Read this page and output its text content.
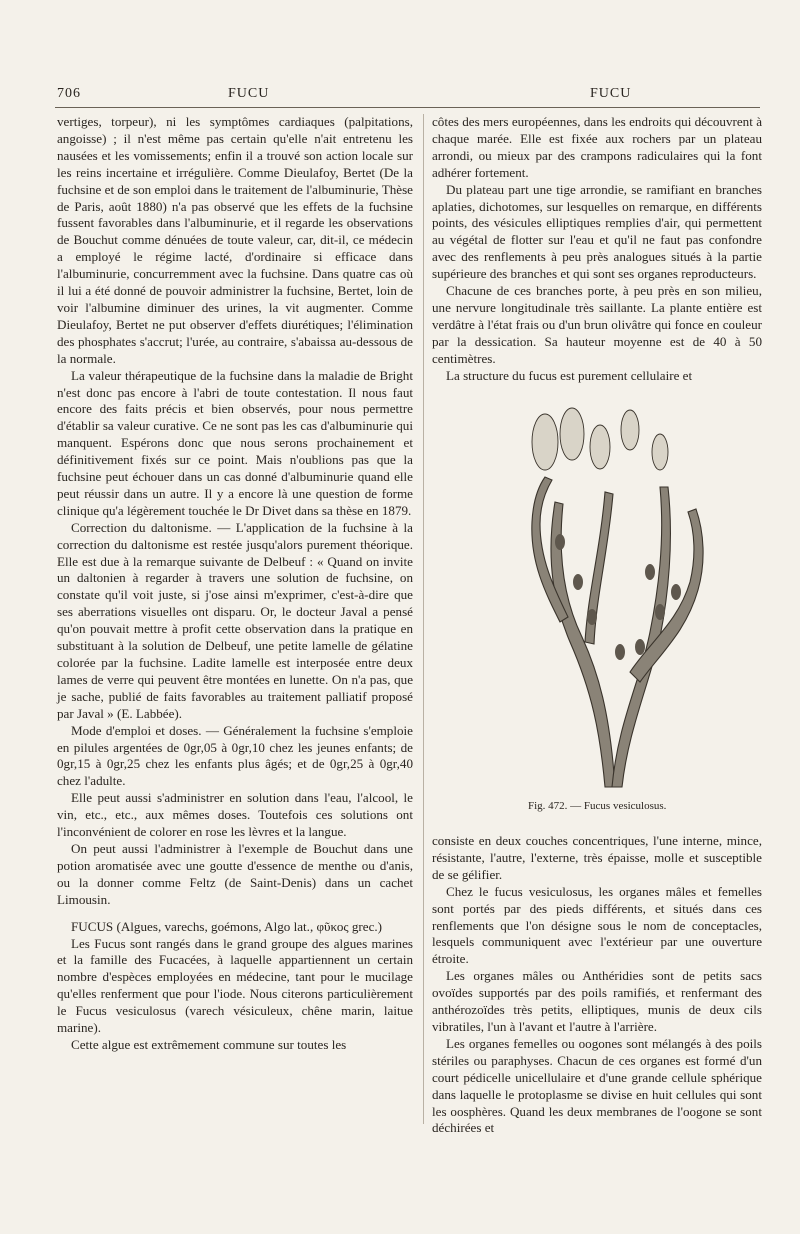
706	FUCU	FUCU

vertiges, torpeur), ni les symptômes cardiaques (palpitations, angoisse) ; il n'est même pas certain qu'elle n'ait entretenu les nausées et les vomissements; enfin il a trouvé son action locale sur les reins incertaine et irrégulière. Comme Dieulafoy, Bertet (De la fuchsine et de son emploi dans le traitement de l'albuminurie, Thèse de Paris, août 1880) n'a pas observé que les effets de la fuchsine fussent favorables dans l'albuminurie, et il regarde les observations de Bouchut comme dénuées de toute valeur, car, dit-il, ce médecin a employé le régime lacté, d'ordinaire si efficace dans l'albuminurie, concurremment avec la fuchsine. Dans quatre cas où il lui a été donné de pouvoir administrer la fuchsine, Bertet, loin de voir l'albumine diminuer des urines, la vit augmenter. Comme Dieulafoy, Bertet ne put observer d'effets diurétiques; l'élimination des phosphates s'accrut; l'urée, au contraire, s'abaissa au-dessous de la normale.

La valeur thérapeutique de la fuchsine dans la maladie de Bright n'est donc pas encore à l'abri de toute contestation. Il nous faut encore des faits précis et bien observés, pour nous permettre d'établir sa valeur curative. Ce ne sont pas les cas d'albuminurie qui manquent. Espérons donc que nous serons prochainement et définitivement fixés sur ce point. Mais n'oublions pas que la fuchsine peut échouer dans un cas donné d'albuminurie quand elle peut réussir dans un autre. Il y a encore là une question de forme clinique qu'a légèrement touchée le Dr Divet dans sa thèse en 1879.

Correction du daltonisme. — L'application de la fuchsine à la correction du daltonisme est restée jusqu'alors purement théorique. Elle est due à la remarque suivante de Delbeuf : « Quand on invite un daltonien à regarder à travers une solution de fuchsine, on constate qu'il voit juste, si j'ose ainsi m'exprimer, c'est-à-dire que ses aberrations visuelles ont disparu. Or, le docteur Javal a pensé qu'on pouvait mettre à profit cette observation dans la pratique en substituant à la solution de Delbeuf, une petite lamelle de gélatine colorée par la fuchsine. Ladite lamelle est interposée entre deux lames de verre qui peuvent être montées en lunette. On n'a pas, que je sache, publié de faits favorables au traitement palliatif proposé par Javal » (E. Labbée).

Mode d'emploi et doses. — Généralement la fuchsine s'emploie en pilules argentées de 0gr,05 à 0gr,10 chez les jeunes enfants; de 0gr,15 à 0gr,25 chez les enfants plus âgés; et de 0gr,25 à 0gr,40 chez l'adulte.

Elle peut aussi s'administrer en solution dans l'eau, l'alcool, le vin, etc., etc., aux mêmes doses. Toutefois ces solutions ont l'inconvénient de colorer en rose les lèvres et la langue.

On peut aussi l'administrer à l'exemple de Bouchut dans une potion aromatisée avec une goutte d'essence de menthe ou d'anis, ou la donner comme Feltz (de Saint-Denis) dans un cachet Limousin.

FUCUS (Algues, varechs, goémons, Algo lat., φῦκος grec.)

Les Fucus sont rangés dans le grand groupe des algues marines et la famille des Fucacées, à laquelle appartiennent un certain nombre d'espèces employées en médecine, tant pour le mucilage qu'elles renferment que pour l'iode. Nous citerons particulièrement le Fucus vesiculosus (varech vésiculeux, chêne marin, laitue marine).

Cette algue est extrêmement commune sur toutes les

côtes des mers européennes, dans les endroits qui découvrent à chaque marée. Elle est fixée aux rochers par un plateau arrondi, ou mieux par des crampons radiculaires qui la font adhérer fortement.

Du plateau part une tige arrondie, se ramifiant en branches aplaties, dichotomes, sur lesquelles on remarque, en différents points, des vésicules elliptiques remplies d'air, qui permettent au végétal de flotter sur l'eau et qu'il ne faut pas confondre avec des renflements à peu près analogues situés à la partie supérieure des branches et qui sont ses organes reproducteurs.

Chacune de ces branches porte, à peu près en son milieu, une nervure longitudinale très saillante. La plante entière est verdâtre à l'état frais ou d'un brun olivâtre qui fonce en couleur par la dessication. Sa hauteur moyenne est de 40 à 50 centimètres.

La structure du fucus est purement cellulaire et

Fig. 472. — Fucus vesiculosus.

consiste en deux couches concentriques, l'une interne, mince, résistante, l'autre, l'externe, très épaisse, molle et susceptible de se gélifier.

Chez le fucus vesiculosus, les organes mâles et femelles sont portés par des pieds différents, et situés dans ces renflements que l'on désigne sous le nom de conceptacles, lesquels communiquent avec l'extérieur par une ouverture étroite.

Les organes mâles ou Anthéridies sont de petits sacs ovoïdes supportés par des poils ramifiés, et renfermant des anthérozoïdes très petits, elliptiques, munis de deux cils vibratiles, l'un à l'avant et l'autre à l'arrière.

Les organes femelles ou oogones sont mélangés à des poils stériles ou paraphyses. Chacun de ces organes est formé d'un court pédicelle unicellulaire et d'une grande cellule sphérique dans laquelle le protoplasme se divise en huit cellules qui sont les oosphères. Quand les deux membranes de l'oogone se sont déchirées et
